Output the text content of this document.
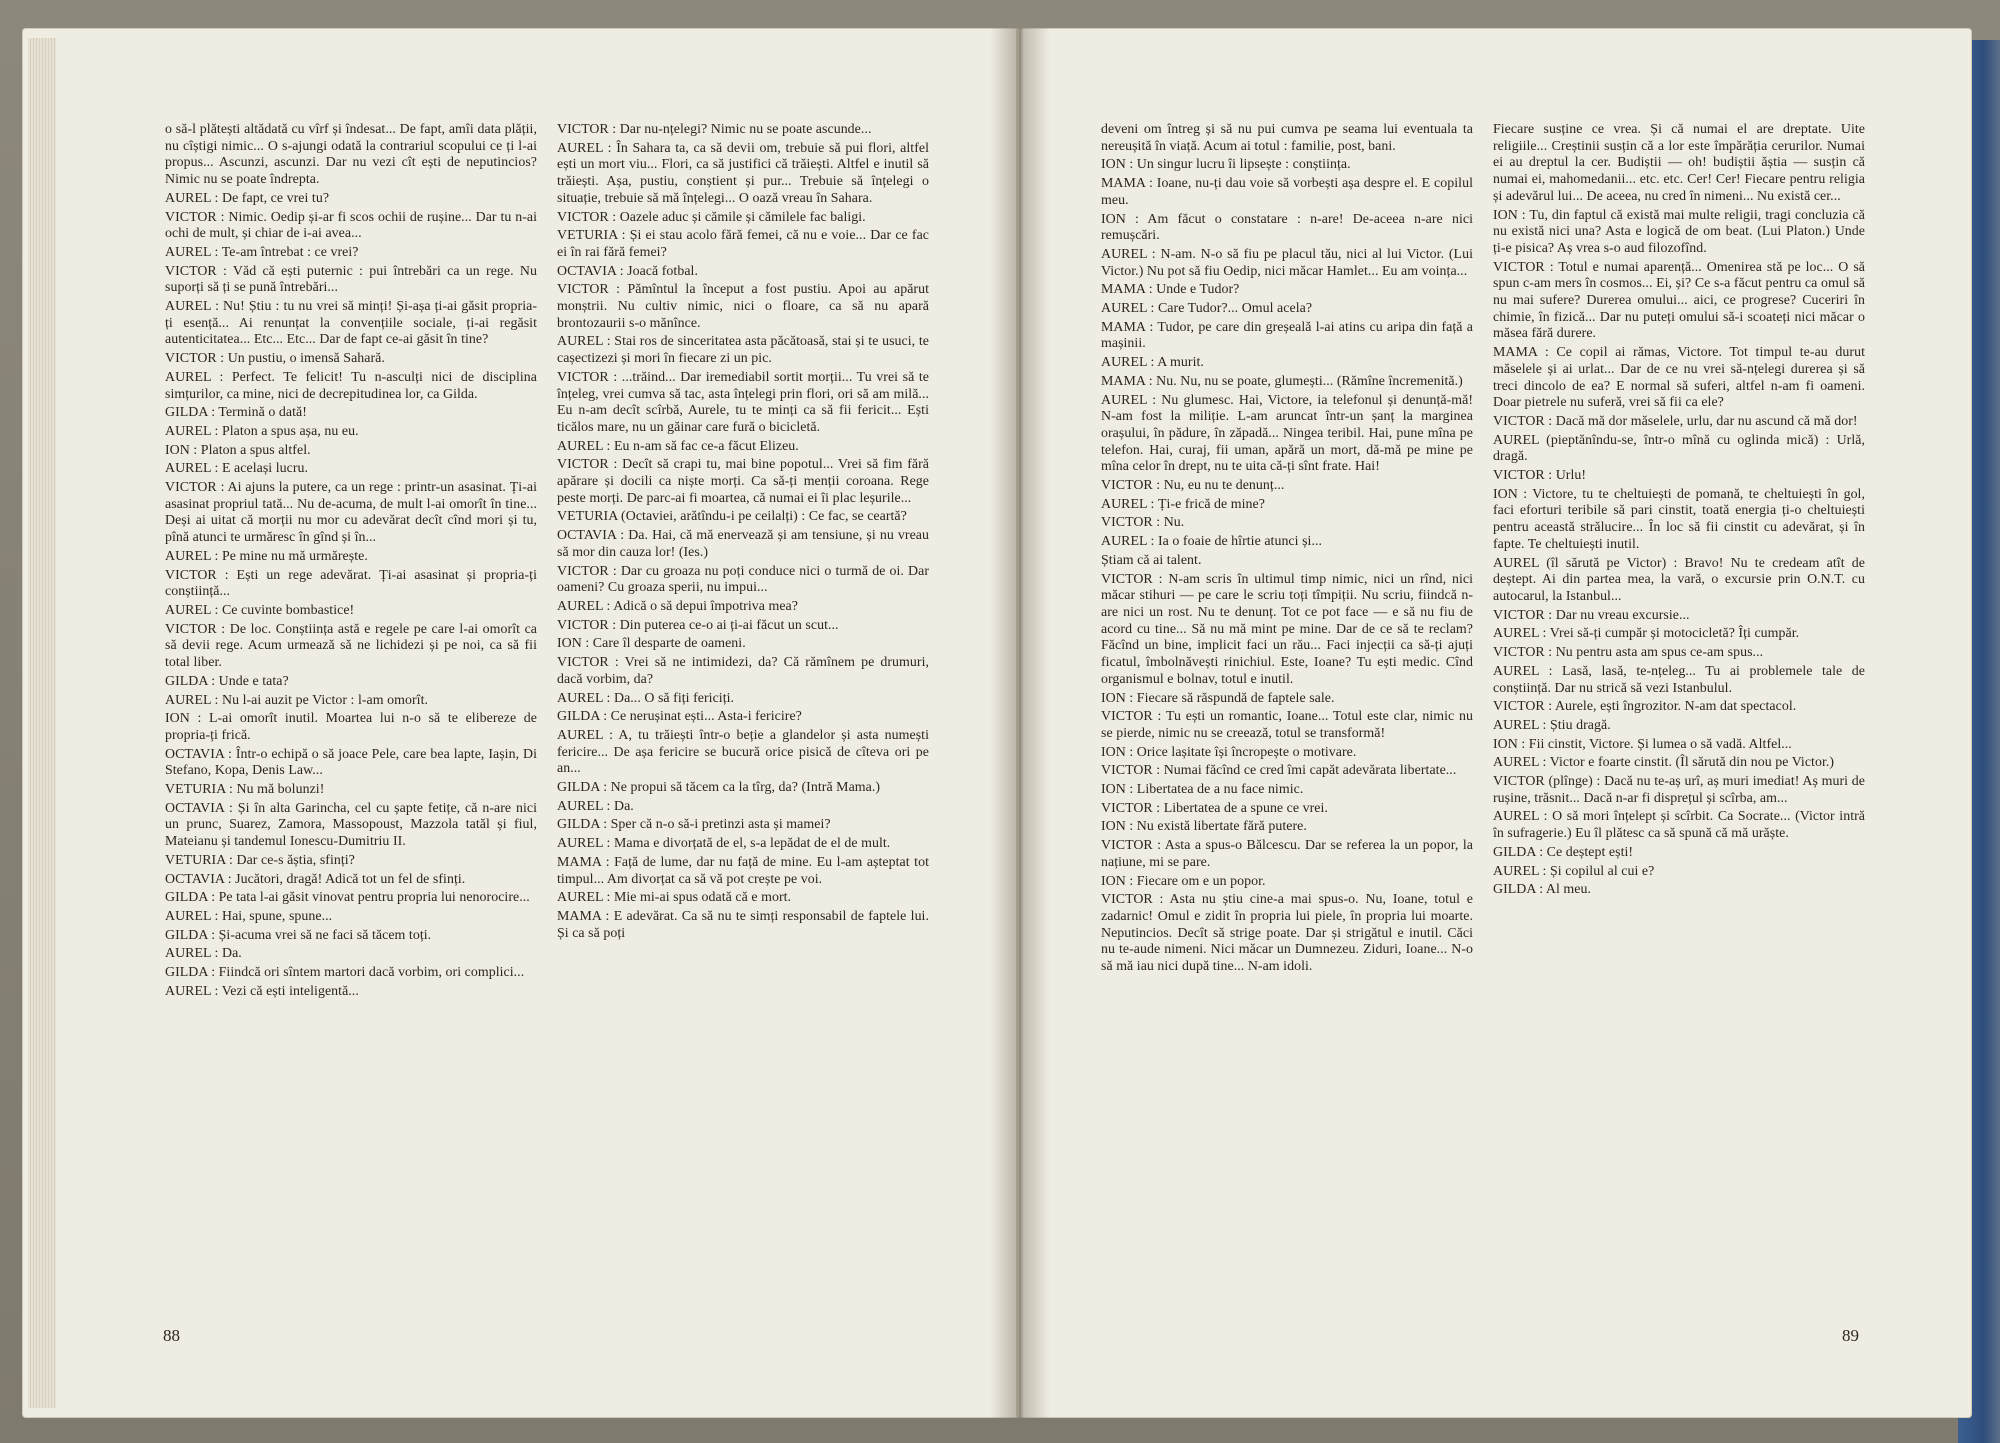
o să-l plătești altădată cu vîrf și îndesat... De fapt, amîi data plății, nu cîștigi nimic... O s-ajungi odată la contrariul scopului ce ți l-ai propus... Ascunzi, ascunzi. Dar nu vezi cît ești de neputincios? Nimic nu se poate îndrepta.

AUREL : De fapt, ce vrei tu?

VICTOR : Nimic. Oedip și-ar fi scos ochii de rușine... Dar tu n-ai ochi de mult, și chiar de i-ai avea...

AUREL : Te-am întrebat : ce vrei?

VICTOR : Văd că ești puternic : pui întrebări ca un rege. Nu suporți să ți se pună întrebări...

AUREL : Nu! Știu : tu nu vrei să minți! Și-așa ți-ai găsit propria-ți esență... Ai renunțat la convențiile sociale, ți-ai regăsit autenticitatea... Etc... Etc... Dar de fapt ce-ai găsit în tine?

VICTOR : Un pustiu, o imensă Sahară.

AUREL : Perfect. Te felicit! Tu n-asculți nici de disciplina simțurilor, ca mine, nici de decrepitudinea lor, ca Gilda.

GILDA : Termină o dată!

AUREL : Platon a spus așa, nu eu.

ION : Platon a spus altfel.

AUREL : E același lucru.

VICTOR : Ai ajuns la putere, ca un rege : printr-un asasinat. Ți-ai asasinat propriul tată... Nu de-acuma, de mult l-ai omorît în tine... Deși ai uitat că morții nu mor cu adevărat decît cînd mori și tu, pînă atunci te urmăresc în gînd și în...

AUREL : Pe mine nu mă urmărește.

VICTOR : Ești un rege adevărat. Ți-ai asasinat și propria-ți conștiință...

AUREL : Ce cuvinte bombastice!

VICTOR : De loc. Conștiința astă e regele pe care l-ai omorît ca să devii rege. Acum urmează să ne lichidezi și pe noi, ca să fii total liber.

GILDA : Unde e tata?

AUREL : Nu l-ai auzit pe Victor : l-am omorît.

ION : L-ai omorît inutil. Moartea lui n-o să te elibereze de propria-ți frică.

OCTAVIA : Într-o echipă o să joace Pele, care bea lapte, Iașin, Di Stefano, Kopa, Denis Law...

VETURIA : Nu mă bolunzi!

OCTAVIA : Și în alta Garincha, cel cu șapte fetițe, că n-are nici un prunc, Suarez, Zamora, Massopoust, Mazzola tatăl și fiul, Mateianu și tandemul Ionescu-Dumitriu II.

VETURIA : Dar ce-s ăștia, sfinți?

OCTAVIA : Jucători, dragă! Adică tot un fel de sfinți.

GILDA : Pe tata l-ai găsit vinovat pentru propria lui nenorocire...

AUREL : Hai, spune, spune...

GILDA : Și-acuma vrei să ne faci să tăcem toți.

AUREL : Da.

GILDA : Fiindcă ori sîntem martori dacă vorbim, ori complici...

AUREL : Vezi că ești inteligentă...

VICTOR : Dar nu-nțelegi? Nimic nu se poate ascunde...

AUREL : În Sahara ta, ca să devii om, trebuie să pui flori, altfel ești un mort viu... Flori, ca să justifici că trăiești. Altfel e inutil să trăiești. Așa, pustiu, conștient și pur... Trebuie să înțelegi o situație, trebuie să mă înțelegi... O oază vreau în Sahara.

VICTOR : Oazele aduc și cămile și cămilele fac baligi.

VETURIA : Și ei stau acolo fără femei, că nu e voie... Dar ce fac ei în rai fără femei?

OCTAVIA : Joacă fotbal.

VICTOR : Pămîntul la început a fost pustiu. Apoi au apărut monștrii. Nu cultiv nimic, nici o floare, ca să nu apară brontozaurii s-o mănînce.

AUREL : Stai ros de sinceritatea asta păcătoasă, stai și te usuci, te cașectizezi și mori în fiecare zi un pic.

VICTOR : ...trăind... Dar iremediabil sortit morții... Tu vrei să te înțeleg, vrei cumva să tac, asta înțelegi prin flori, ori să am milă... Eu n-am decît scîrbă, Aurele, tu te minți ca să fii fericit... Ești ticălos mare, nu un găinar care fură o bicicletă.

AUREL : Eu n-am să fac ce-a făcut Elizeu.

VICTOR : Decît să crapi tu, mai bine popotul... Vrei să fim fără apărare și docili ca niște morți. Ca să-ți menții coroana. Rege peste morți. De parc-ai fi moartea, că numai ei îi plac leșurile...

VETURIA (Octaviei, arătîndu-i pe ceilalți) : Ce fac, se ceartă?

OCTAVIA : Da. Hai, că mă enervează și am tensiune, și nu vreau să mor din cauza lor! (Ies.)

VICTOR : Dar cu groaza nu poți conduce nici o turmă de oi. Dar oameni? Cu groaza sperii, nu impui...

AUREL : Adică o să depui împotriva mea?

VICTOR : Din puterea ce-o ai ți-ai făcut un scut...

ION : Care îl desparte de oameni.

VICTOR : Vrei să ne intimidezi, da? Că rămînem pe drumuri, dacă vorbim, da?

AUREL : Da... O să fiți fericiți.

GILDA : Ce nerușinat ești... Asta-i fericire?

AUREL : A, tu trăiești într-o beție a glandelor și asta numești fericire... De așa fericire se bucură orice pisică de cîteva ori pe an...

GILDA : Ne propui să tăcem ca la tîrg, da? (Intră Mama.)

AUREL : Da.

GILDA : Sper că n-o să-i pretinzi asta și mamei?

AUREL : Mama e divorțată de el, s-a lepădat de el de mult.

MAMA : Față de lume, dar nu față de mine. Eu l-am așteptat tot timpul... Am divorțat ca să vă pot crește pe voi.

AUREL : Mie mi-ai spus odată că e mort.

MAMA : E adevărat. Ca să nu te simți responsabil de faptele lui. Și ca să poți

deveni om întreg și să nu pui cumva pe seama lui eventuala ta nereușită în viață. Acum ai totul : familie, post, bani.

ION : Un singur lucru îi lipsește : conștiința.

MAMA : Ioane, nu-ți dau voie să vorbești așa despre el. E copilul meu.

ION : Am făcut o constatare : n-are! De-aceea n-are nici remușcări.

AUREL : N-am. N-o să fiu pe placul tău, nici al lui Victor. (Lui Victor.) Nu pot să fiu Oedip, nici măcar Hamlet... Eu am voința...

MAMA : Unde e Tudor?

AUREL : Care Tudor?... Omul acela?

MAMA : Tudor, pe care din greșeală l-ai atins cu aripa din față a mașinii.

AUREL : A murit.

MAMA : Nu. Nu, nu se poate, glumești... (Rămîne încremenită.)

AUREL : Nu glumesc. Hai, Victore, ia telefonul și denunță-mă! N-am fost la miliție. L-am aruncat într-un șanț la marginea orașului, în pădure, în zăpadă... Ningea teribil. Hai, pune mîna pe telefon. Hai, curaj, fii uman, apără un mort, dă-mă pe mine pe mîna celor în drept, nu te uita că-ți sînt frate. Hai!

VICTOR : Nu, eu nu te denunț...

AUREL : Ți-e frică de mine?

VICTOR : Nu.

AUREL : Ia o foaie de hîrtie atunci și...

Știam că ai talent.

VICTOR : N-am scris în ultimul timp nimic, nici un rînd, nici măcar stihuri — pe care le scriu toți tîmpiții. Nu scriu, fiindcă n-are nici un rost. Nu te denunț. Tot ce pot face — e să nu fiu de acord cu tine... Să nu mă mint pe mine. Dar de ce să te reclam? Făcînd un bine, implicit faci un rău... Faci injecții ca să-ți ajuți ficatul, îmbolnăvești rinichiul. Este, Ioane? Tu ești medic. Cînd organismul e bolnav, totul e inutil.

ION : Fiecare să răspundă de faptele sale.

VICTOR : Tu ești un romantic, Ioane... Totul este clar, nimic nu se pierde, nimic nu se creează, totul se transformă!

ION : Orice lașitate își încropește o motivare.

VICTOR : Numai făcînd ce cred îmi capăt adevărata libertate...

ION : Libertatea de a nu face nimic.

VICTOR : Libertatea de a spune ce vrei.

ION : Nu există libertate fără putere.

VICTOR : Asta a spus-o Bălcescu. Dar se referea la un popor, la națiune, mi se pare.

ION : Fiecare om e un popor.

VICTOR : Asta nu știu cine-a mai spus-o. Nu, Ioane, totul e zadarnic! Omul e zidit în propria lui piele, în propria lui moarte. Neputincios. Decît să strige poate. Dar și strigătul e inutil. Căci nu te-aude nimeni. Nici măcar un Dumnezeu. Ziduri, Ioane... N-o să mă iau nici după tine... N-am idoli.

Fiecare susține ce vrea. Și că numai el are dreptate. Uite religiile... Creștinii susțin că a lor este împărăția cerurilor. Numai ei au dreptul la cer. Budiștii — oh! budiștii ăștia — susțin că numai ei, mahomedanii... etc. etc. Cer! Cer! Fiecare pentru religia și adevărul lui... De aceea, nu cred în nimeni... Nu există cer...

ION : Tu, din faptul că există mai multe religii, tragi concluzia că nu există nici una? Asta e logică de om beat. (Lui Platon.) Unde ți-e pisica? Aș vrea s-o aud filozofînd.

VICTOR : Totul e numai aparență... Omenirea stă pe loc... O să spun c-am mers în cosmos... Ei, și? Ce s-a făcut pentru ca omul să nu mai sufere? Durerea omului... aici, ce progrese? Cuceriri în chimie, în fizică... Dar nu puteți omului să-i scoateți nici măcar o măsea fără durere.

MAMA : Ce copil ai rămas, Victore. Tot timpul te-au durut măselele și ai urlat... Dar de ce nu vrei să-nțelegi durerea și să treci dincolo de ea? E normal să suferi, altfel n-am fi oameni. Doar pietrele nu suferă, vrei să fii ca ele?

VICTOR : Dacă mă dor măselele, urlu, dar nu ascund că mă dor!

AUREL (pieptănîndu-se, într-o mînă cu oglinda mică) : Urlă, dragă.

VICTOR : Urlu!

ION : Victore, tu te cheltuiești de pomană, te cheltuiești în gol, faci eforturi teribile să pari cinstit, toată energia ți-o cheltuiești pentru această strălucire... În loc să fii cinstit cu adevărat, și în fapte. Te cheltuiești inutil.

AUREL (îl sărută pe Victor) : Bravo! Nu te credeam atît de deștept. Ai din partea mea, la vară, o excursie prin O.N.T. cu autocarul, la Istanbul...

VICTOR : Dar nu vreau excursie...

AUREL : Vrei să-ți cumpăr și motocicletă? Îți cumpăr.

VICTOR : Nu pentru asta am spus ce-am spus...

AUREL : Lasă, lasă, te-nțeleg... Tu ai problemele tale de conștiință. Dar nu strică să vezi Istanbulul.

VICTOR : Aurele, ești îngrozitor. N-am dat spectacol.

AUREL : Știu dragă.

ION : Fii cinstit, Victore. Și lumea o să vadă. Altfel...

AUREL : Victor e foarte cinstit. (Îl sărută din nou pe Victor.)

VICTOR (plînge) : Dacă nu te-aș urî, aș muri imediat! Aș muri de rușine, trăsnit... Dacă n-ar fi disprețul și scîrba, am...

AUREL : O să mori înțelept și scîrbit. Ca Socrate... (Victor intră în sufragerie.) Eu îl plătesc ca să spună că mă urăște.

GILDA : Ce deștept ești!

AUREL : Și copilul al cui e?

GILDA : Al meu.

88	89
